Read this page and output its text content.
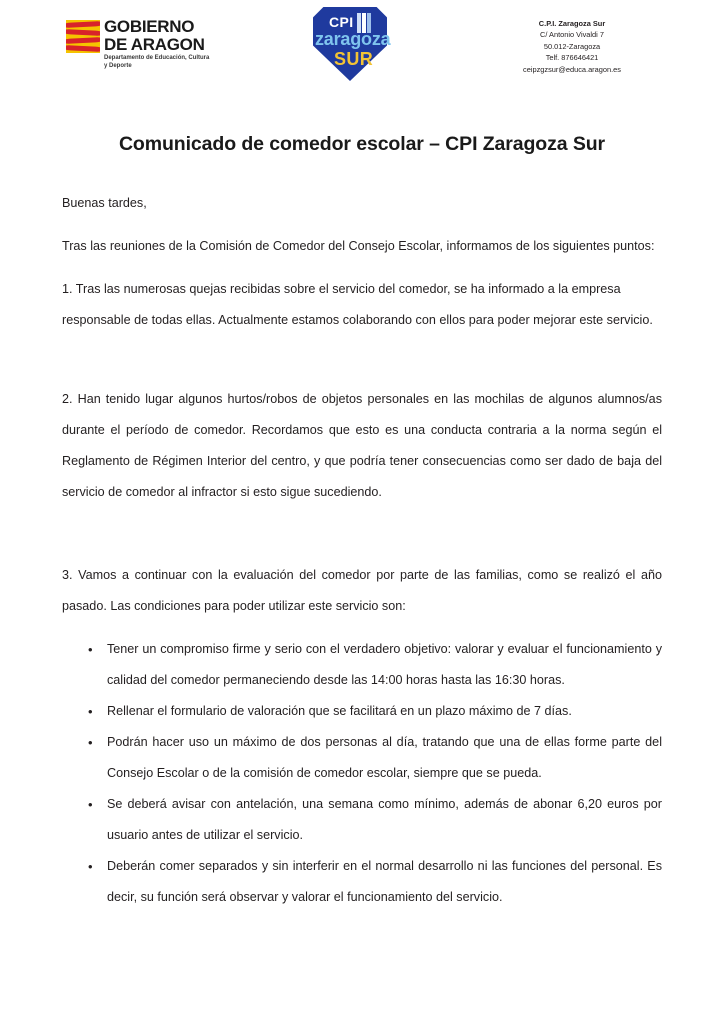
GOBIERNO
DE ARAGON
Departamento de Educación, Cultura y Deporte
CPI
zaragoza
SUR
C.P.I. Zaragoza Sur
C/ Antonio Vivaldi 7
50.012-Zaragoza
Telf. 876646421
ceipzgzsur@educa.aragon.es
Comunicado de comedor escolar – CPI Zaragoza Sur

Buenas tardes,

Tras las reuniones de la Comisión de Comedor del Consejo Escolar, informamos de los siguientes puntos:

1. Tras las numerosas quejas recibidas sobre el servicio del comedor, se ha informado a la empresa responsable de todas ellas. Actualmente estamos colaborando con ellos para poder mejorar este servicio.

2. Han tenido lugar algunos hurtos/robos de objetos personales en las mochilas de algunos alumnos/as durante el período de comedor. Recordamos que esto es una conducta contraria a la norma según el Reglamento de Régimen Interior del centro, y que podría tener consecuencias como ser dado de baja del servicio de comedor al infractor si esto sigue sucediendo.

3. Vamos a continuar con la evaluación del comedor por parte de las familias, como se realizó el año pasado. Las condiciones para poder utilizar este servicio son:

• Tener un compromiso firme y serio con el verdadero objetivo: valorar y evaluar el funcionamiento y calidad del comedor permaneciendo desde las 14:00 horas hasta las 16:30 horas.
• Rellenar el formulario de valoración que se facilitará en un plazo máximo de 7 días.
• Podrán hacer uso un máximo de dos personas al día, tratando que una de ellas forme parte del Consejo Escolar o de la comisión de comedor escolar, siempre que se pueda.
• Se deberá avisar con antelación, una semana como mínimo, además de abonar 6,20 euros por usuario antes de utilizar el servicio.
• Deberán comer separados y sin interferir en el normal desarrollo ni las funciones del personal. Es decir, su función será observar y valorar el funcionamiento del servicio.
